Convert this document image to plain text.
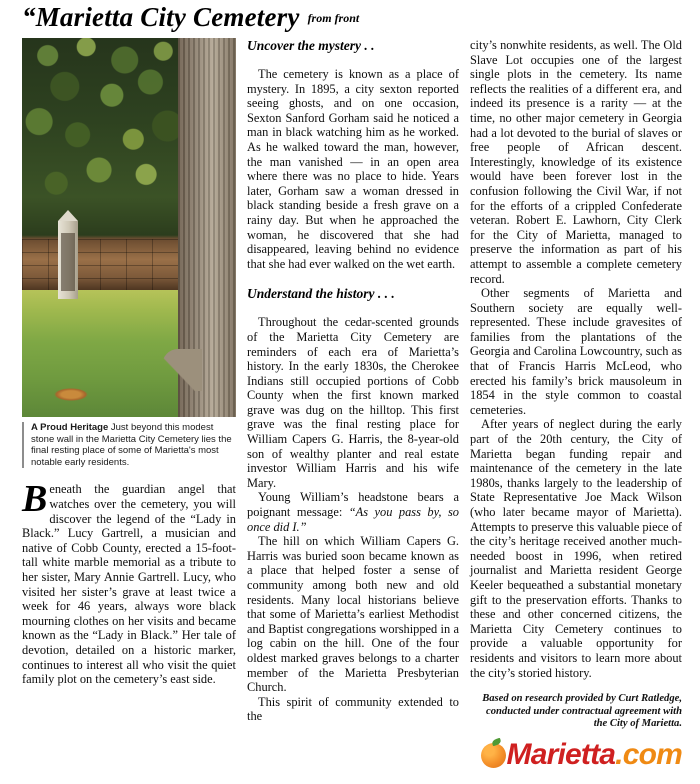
“Marietta City Cemetery $^{from front}$
A Proud Heritage Just beyond this modest stone wall in the Marietta City Cemetery lies the final resting place of some of Marietta's most notable early residents.

Beneath the guardian angel that watches over the cemetery, you will discover the legend of the “Lady in Black.” Lucy Gartrell, a musician and native of Cobb County, erected a 15-foot-tall white marble memorial as a tribute to her sister, Mary Annie Gartrell. Lucy, who visited her sister’s grave at least twice a week for 46 years, always wore black mourning clothes on her visits and became known as the “Lady in Black.” Her tale of devotion, detailed on a historic marker, continues to interest all who visit the quiet family plot on the cemetery’s east side.

Uncover the mystery . .

The cemetery is known as a place of mystery. In 1895, a city sexton reported seeing ghosts, and on one occasion, Sexton Sanford Gorham said he noticed a man in black watching him as he worked. As he walked toward the man, however, the man vanished — in an open area where there was no place to hide. Years later, Gorham saw a woman dressed in black standing beside a fresh grave on a rainy day. But when he approached the woman, he discovered that she had disappeared, leaving behind no evidence that she had ever walked on the wet earth.

Understand the history . . .

Throughout the cedar-scented grounds of the Marietta City Cemetery are reminders of each era of Marietta’s history. In the early 1830s, the Cherokee Indians still occupied portions of Cobb County when the first known marked grave was dug on the hilltop. This first grave was the final resting place for William Capers G. Harris, the 8-year-old son of wealthy planter and real estate investor William Harris and his wife Mary.

Young William’s headstone bears a poignant message: “As you pass by, so once did I.”

The hill on which William Capers G. Harris was buried soon became known as a place that helped foster a sense of community among both new and old residents. Many local historians believe that some of Marietta’s earliest Methodist and Baptist congregations worshipped in a log cabin on the hill. One of the four oldest marked graves belongs to a charter member of the Marietta Presbyterian Church.

This spirit of community extended to the

city’s nonwhite residents, as well. The Old Slave Lot occupies one of the largest single plots in the cemetery. Its name reflects the realities of a different era, and indeed its presence is a rarity — at the time, no other major cemetery in Georgia had a lot devoted to the burial of slaves or free people of African descent. Interestingly, knowledge of its existence would have been forever lost in the confusion following the Civil War, if not for the efforts of a crippled Confederate veteran. Robert E. Lawhorn, City Clerk for the City of Marietta, managed to preserve the information as part of his attempt to assemble a complete cemetery record.

Other segments of Marietta and Southern society are equally well-represented. These include gravesites of families from the plantations of the Georgia and Carolina Lowcountry, such as that of Francis Harris McLeod, who erected his family’s brick mausoleum in 1854 in the style common to coastal cemeteries.

After years of neglect during the early part of the 20th century, the City of Marietta began funding repair and maintenance of the cemetery in the late 1980s, thanks largely to the leadership of State Representative Joe Mack Wilson (who later became mayor of Marietta). Attempts to preserve this valuable piece of the city’s heritage received another much-needed boost in 1996, when retired journalist and Marietta resident George Keeler bequeathed a substantial monetary gift to the preservation efforts. Thanks to these and other concerned citizens, the Marietta City Cemetery continues to provide a valuable opportunity for residents and visitors to learn more about the city’s storied history.

Based on research provided by Curt Ratledge, conducted under contractual agreement with the City of Marietta.
Marietta.com
